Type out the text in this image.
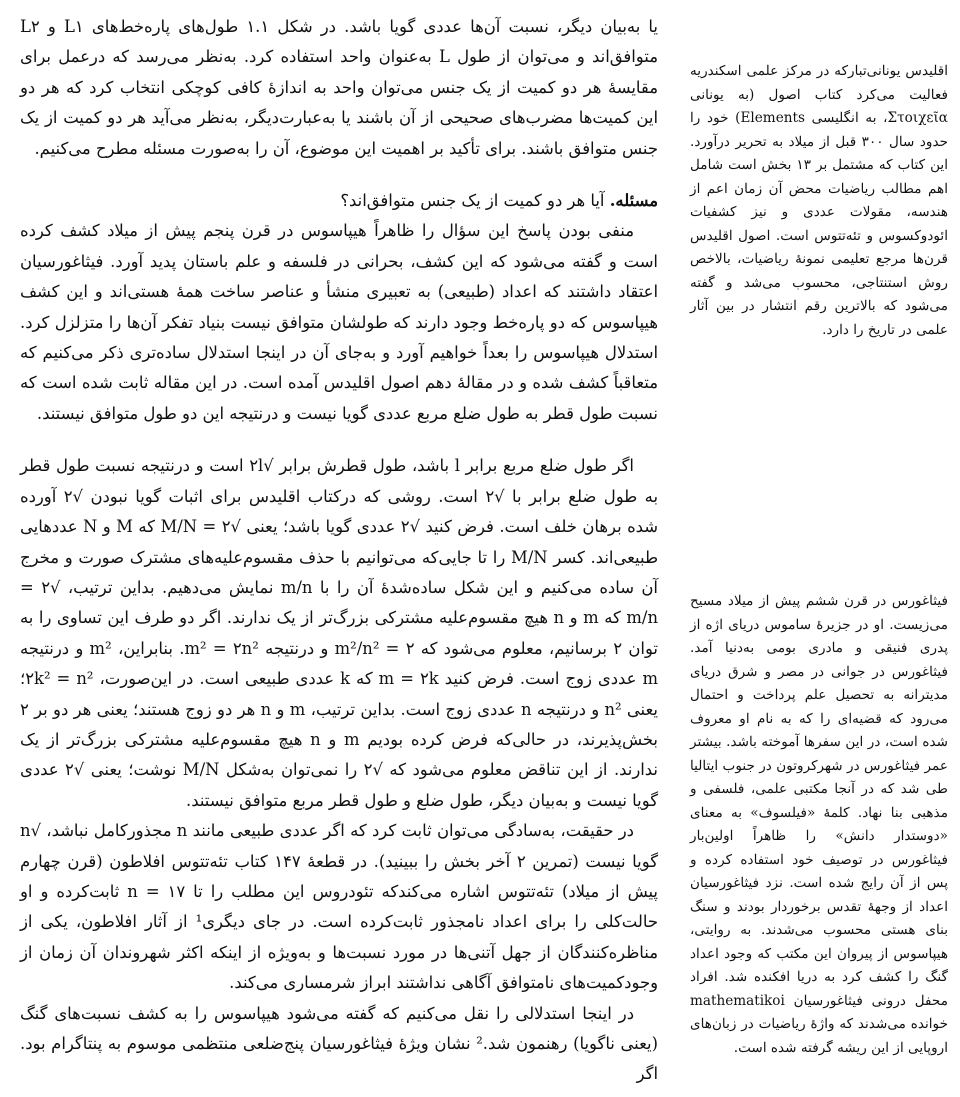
یا به‌بیان دیگر، نسبت آن‌ها عددی گویا باشد. در شکل ۱.۱ طول‌های پاره‌خط‌های L۱ و L۲ متوافق‌اند و می‌توان از طول L به‌عنوان واحد استفاده کرد. به‌نظر می‌رسد که درعمل برای مقایسهٔ هر دو کمیت از یک جنس می‌توان واحد به اندازهٔ کافی کوچکی انتخاب کرد که هر دو این کمیت‌ها مضرب‌های صحیحی از آن باشند یا به‌عبارت‌دیگر، به‌نظر می‌آید هر دو کمیت از یک جنس متوافق باشند. برای تأکید بر اهمیت این موضوع، آن را به‌صورت مسئله مطرح می‌کنیم.

مسئله. آیا هر دو کمیت از یک جنس متوافق‌اند؟

منفی بودن پاسخ این سؤال را ظاهراً هیپاسوس در قرن پنجم پیش از میلاد کشف کرده است و گفته می‌شود که این کشف، بحرانی در فلسفه و علم باستان پدید آورد. فیثاغورسیان اعتقاد داشتند که اعداد (طبیعی) به تعبیری منشأ و عناصر ساخت همهٔ هستی‌اند و این کشف هیپاسوس که دو پاره‌خط وجود دارند که طولشان متوافق نیست بنیاد تفکر آن‌ها را متزلزل کرد. استدلال هیپاسوس را بعداً خواهیم آورد و به‌جای آن در اینجا استدلال ساده‌تری ذکر می‌کنیم که متعاقباً کشف شده و در مقالهٔ دهم اصول اقلیدس آمده است. در این مقاله ثابت شده است که نسبت طول قطر به طول ضلع مربع عددی گویا نیست و درنتیجه این دو طول متوافق نیستند.

اگر طول ضلع مربع برابر l باشد، طول قطرش برابر √۲l است و درنتیجه نسبت طول قطر به طول ضلع برابر با √۲ است. روشی که درکتاب اقلیدس برای اثبات گویا نبودن √۲ آورده شده برهان خلف است. فرض کنید √۲ عددی گویا باشد؛ یعنی √۲ = M/N که M و N عددهایی طبیعی‌اند. کسر M/N را تا جایی‌که می‌توانیم با حذف مقسوم‌علیه‌های مشترک صورت و مخرج آن ساده می‌کنیم و این شکل ساده‌شدهٔ آن را با m/n نمایش می‌دهیم. بداین ترتیب، √۲ = m/n که m و n هیچ مقسوم‌علیه مشترکی بزرگ‌تر از یک ندارند. اگر دو طرف این تساوی را به توان ۲ برسانیم، معلوم می‌شود که m²/n² = ۲ و درنتیجه m² = ۲n². بنابراین، m² و درنتیجه m عددی زوج است. فرض کنید m = ۲k که k عددی طبیعی است. در این‌صورت، ۲k² = n²؛ یعنی n² و درنتیجه n عددی زوج است. بداین ترتیب، m و n هر دو زوج هستند؛ یعنی هر دو بر ۲ بخش‌پذیرند، در حالی‌که فرض کرده بودیم m و n هیچ مقسوم‌علیه مشترکی بزرگ‌تر از یک ندارند. از این تناقض معلوم می‌شود که √۲ را نمی‌توان به‌شکل M/N نوشت؛ یعنی √۲ عددی گویا نیست و به‌بیان دیگر، طول ضلع و طول قطر مربع متوافق نیستند.

در حقیقت، به‌سادگی می‌توان ثابت کرد که اگر عددی طبیعی مانند n مجذورکامل نباشد، √n گویا نیست (تمرین ۲ آخر بخش را ببینید). در قطعهٔ ۱۴۷ کتاب تئه‌تتوس افلاطون (قرن چهارم پیش از میلاد) تئه‌تتوس اشاره می‌کندکه تئودروس این مطلب را تا n = ۱۷ ثابت‌کرده و او حالت‌کلی را برای اعداد نامجذور ثابت‌کرده است. در جای دیگری¹ از آثار افلاطون، یکی از مناظره‌کنندگان از جهل آتنی‌ها در مورد نسبت‌ها و به‌ویژه از اینکه اکثر شهروندان آن زمان از وجودکمیت‌های نامتوافق آگاهی نداشتند ابراز شرمساری می‌کند.

در اینجا استدلالی را نقل می‌کنیم که گفته می‌شود هیپاسوس را به کشف نسبت‌های گنگ (یعنی ناگویا) رهنمون شد.² نشان ویژهٔ فیثاغورسیان پنج‌ضلعی منتظمی موسوم به پنتاگرام بود. اگر

اقلیدس یونانی‌تبارکه در مرکز علمی اسکندریه فعالیت می‌کرد کتاب اصول (به یونانی Στοιχεῖα، به انگلیسی Elements) خود را حدود سال ۳۰۰ قبل از میلاد به تحریر درآورد. این کتاب که مشتمل بر ۱۳ بخش است شامل اهم مطالب ریاضیات محض آن زمان اعم از هندسه، مقولات عددی و نیز کشفیات ائودوکسوس و تئه‌تتوس است. اصول اقلیدس قرن‌ها مرجع تعلیمی نمونهٔ ریاضیات، بالاخص روش استنتاجی، محسوب می‌شد و گفته می‌شود که بالاترین رقم انتشار در بین آثار علمی در تاریخ را دارد.

فیثاغورس در قرن ششم پیش از میلاد مسیح می‌زیست. او در جزیرهٔ ساموس دریای اژه از پدری فنیقی و مادری بومی به‌دنیا آمد. فیثاغورس در جوانی در مصر و شرق دریای مدیترانه به تحصیل علم پرداخت و احتمال می‌رود که قضیه‌ای را که به نام او معروف شده است، در این سفرها آموخته باشد. بیشتر عمر فیثاغورس در شهرکروتون در جنوب ایتالیا طی شد که در آنجا مکتبی علمی، فلسفی و مذهبی بنا نهاد. کلمهٔ «فیلسوف» به معنای «دوستدار دانش» را ظاهراً اولین‌بار فیثاغورس در توصیف خود استفاده کرده و پس از آن رایج شده است. نزد فیثاغورسیان اعداد از وجههٔ تقدس برخوردار بودند و سنگ بنای هستی محسوب می‌شدند. به روایتی، هیپاسوس از پیروان این مکتب که وجود اعداد گنگ را کشف کرد به دریا افکنده شد. افراد محفل درونی فیثاغورسیان mathematikoi خوانده می‌شدند که واژهٔ ریاضیات در زبان‌های اروپایی از این ریشه گرفته شده است.
